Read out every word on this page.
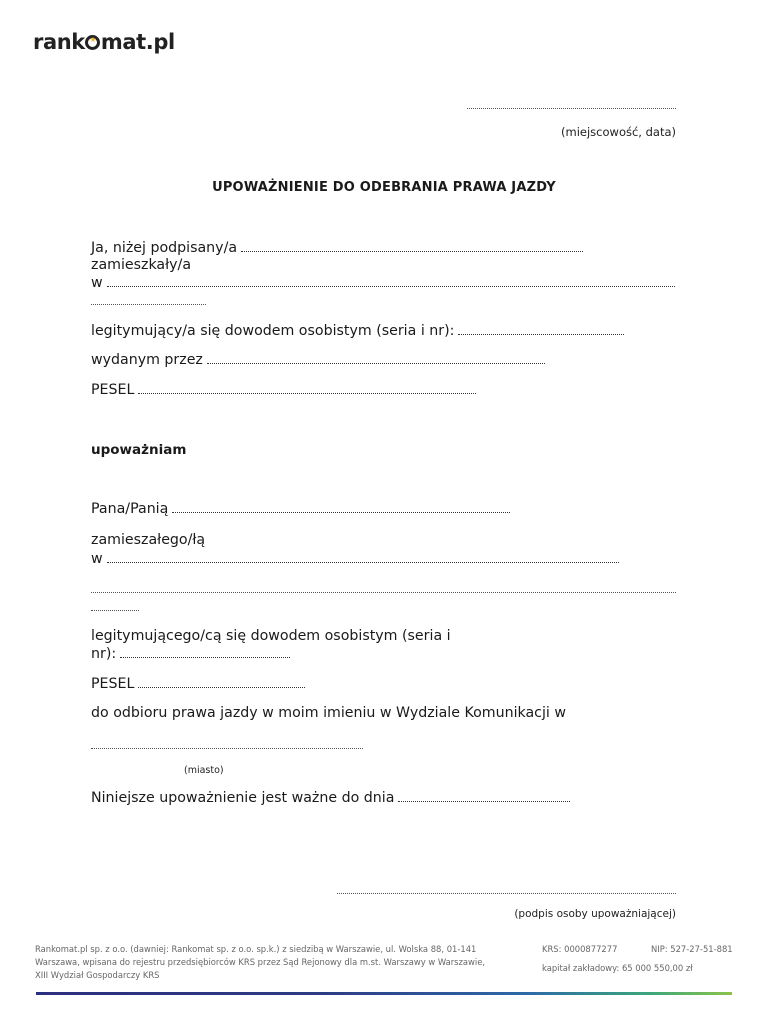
rank★ mat.pl
(miejscowość, data)
UPOWAŻNIENIE DO ODEBRANIA PRAWA JAZDY
Ja, niżej podpisany/a
zamieszkały/a
w
legitymujący/a się dowodem osobistym (seria i nr):
wydanym przez
PESEL
upoważniam
Pana/Panią
zamieszałego/łą
w
legitymującego/cą się dowodem osobistym (seria i
nr):
PESEL
do odbioru prawa jazdy w moim imieniu w Wydziale Komunikacji w
(miasto)
Niniejsze upoważnienie jest ważne do dnia
(podpis osoby upoważniającej)
Rankomat.pl sp. z o.o. (dawniej: Rankomat sp. z o.o. sp.k.) z siedzibą w Warszawie, ul. Wolska 88, 01-141
Warszawa, wpisana do rejestru przedsiębiorców KRS przez Sąd Rejonowy dla m.st. Warszawy w Warszawie,
XIII Wydział Gospodarczy KRS
KRS: 0000877277	NIP: 527-27-51-881
kapitał zakładowy: 65 000 550,00 zł
